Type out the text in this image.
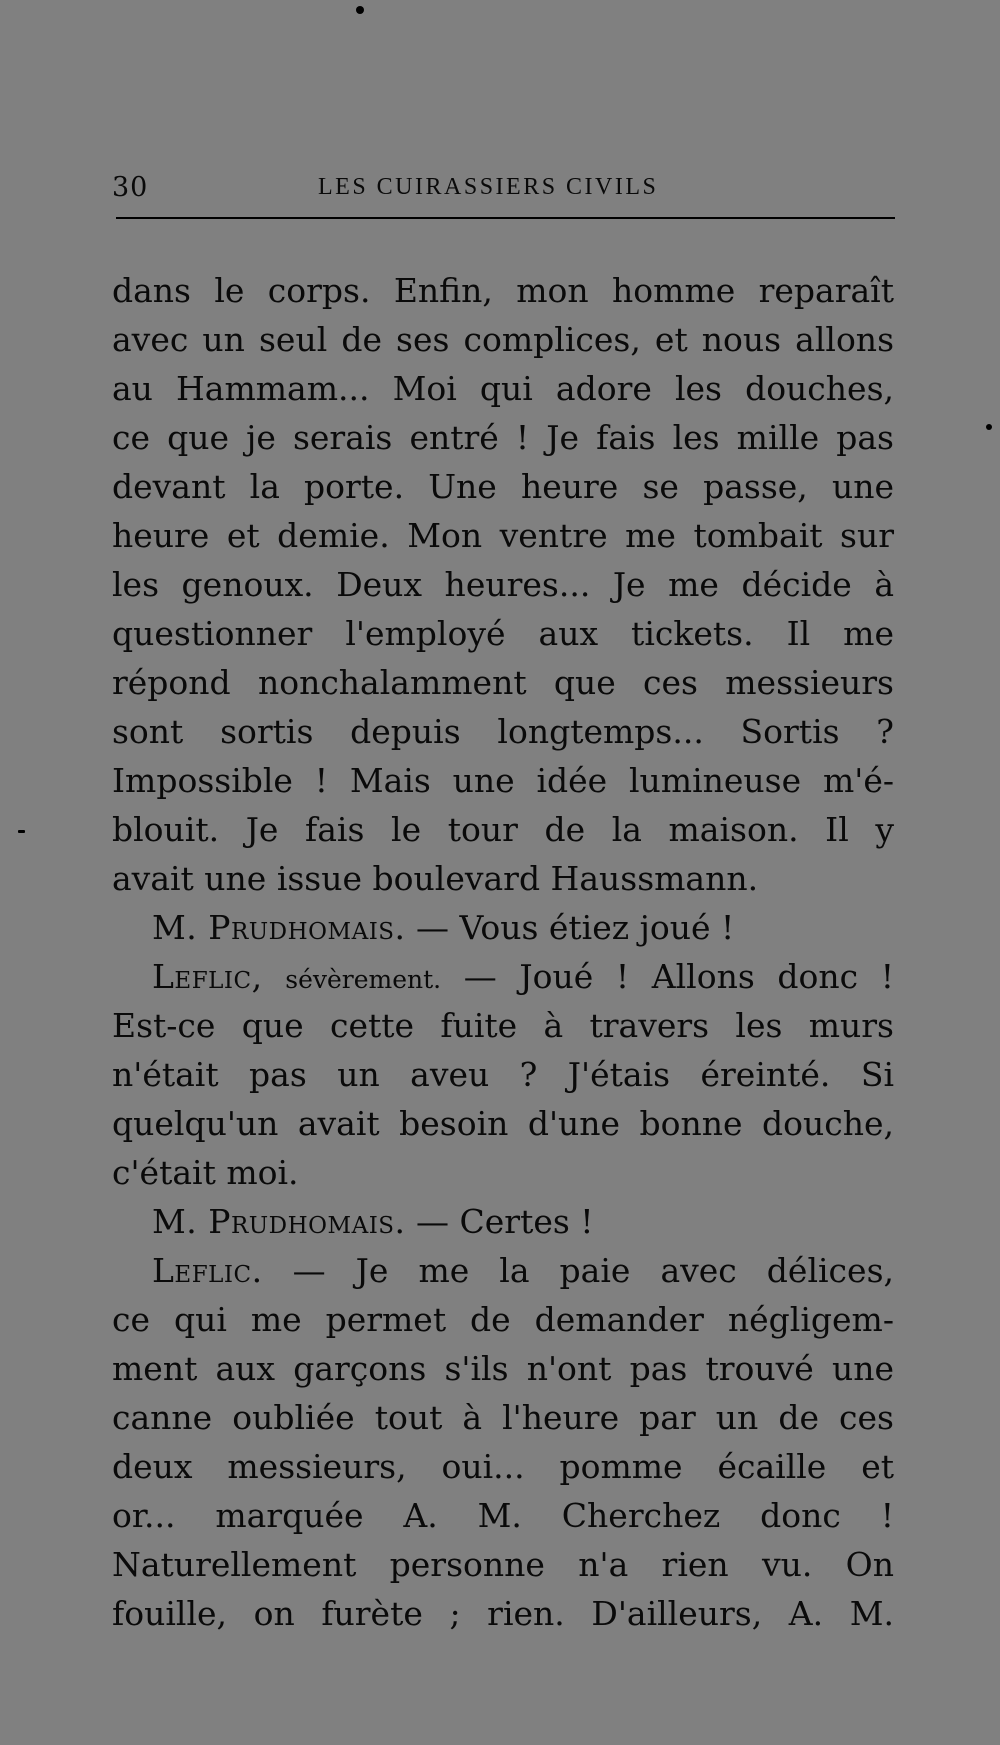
30	LES CUIRASSIERS CIVILS
dans le corps. Enfin, mon homme reparaît
avec un seul de ses complices, et nous allons
au Hammam... Moi qui adore les douches,
ce que je serais entré ! Je fais les mille pas
devant la porte. Une heure se passe, une
heure et demie. Mon ventre me tombait sur
les genoux. Deux heures... Je me décide à
questionner l'employé aux tickets. Il me
répond nonchalamment que ces messieurs
sont sortis depuis longtemps... Sortis ?
Impossible ! Mais une idée lumineuse m'é-
blouit. Je fais le tour de la maison. Il y
avait une issue boulevard Haussmann.
M. Prudhomais. — Vous étiez joué !
Leflic, sévèrement. — Joué ! Allons donc !
Est-ce que cette fuite à travers les murs
n'était pas un aveu ? J'étais éreinté. Si
quelqu'un avait besoin d'une bonne douche,
c'était moi.
M. Prudhomais. — Certes !
Leflic. — Je me la paie avec délices,
ce qui me permet de demander négligem-
ment aux garçons s'ils n'ont pas trouvé une
canne oubliée tout à l'heure par un de ces
deux messieurs, oui... pomme écaille et
or... marquée A. M. Cherchez donc !
Naturellement personne n'a rien vu. On
fouille, on furète ; rien. D'ailleurs, A. M.
